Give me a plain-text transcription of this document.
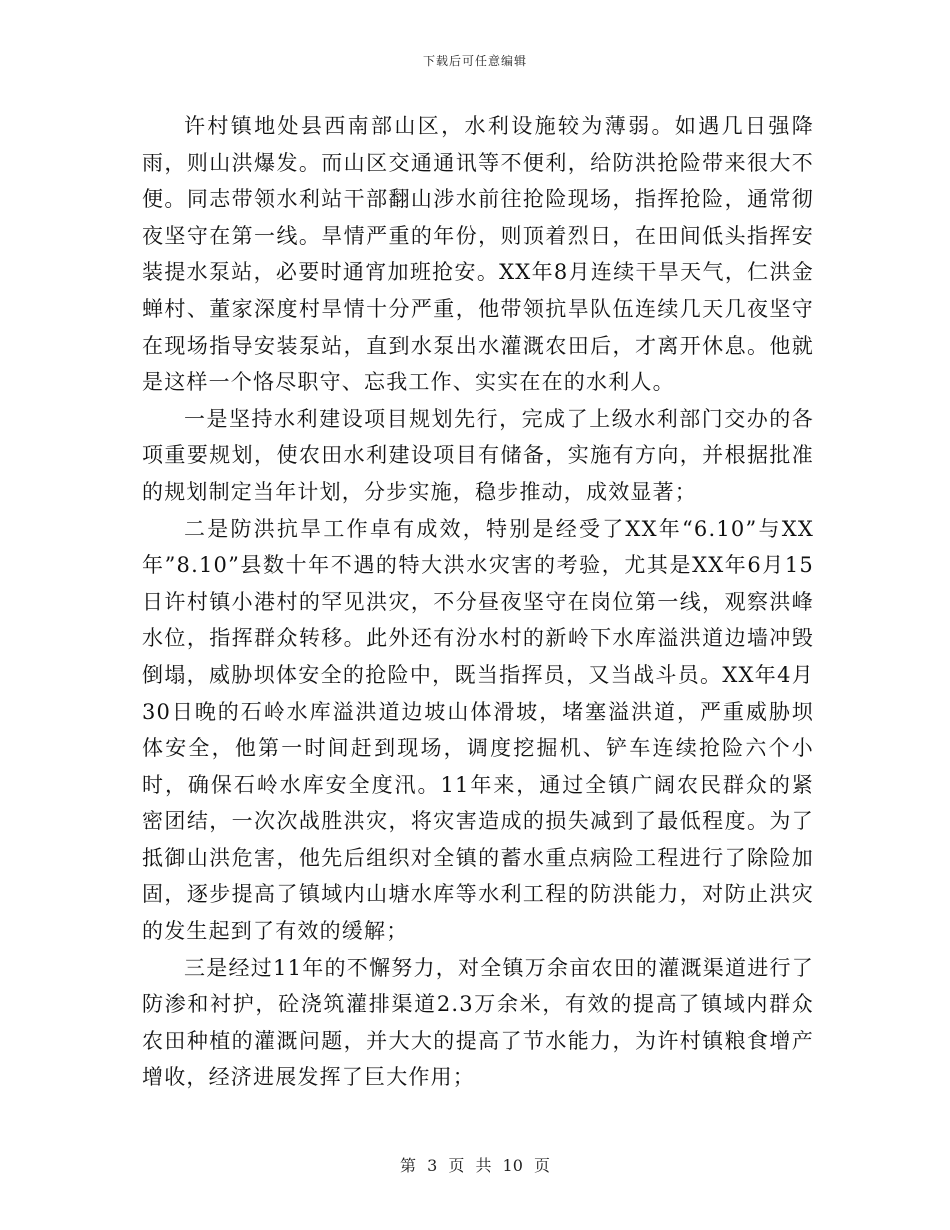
下载后可任意编辑

许村镇地处县西南部山区，水利设施较为薄弱。如遇几日强降雨，则山洪爆发。而山区交通通讯等不便利，给防洪抢险带来很大不便。同志带领水利站干部翻山涉水前往抢险现场，指挥抢险，通常彻夜坚守在第一线。旱情严重的年份，则顶着烈日，在田间低头指挥安装提水泵站，必要时通宵加班抢安。XX年8月连续干旱天气，仁洪金蝉村、董家深度村旱情十分严重，他带领抗旱队伍连续几天几夜坚守在现场指导安装泵站，直到水泵出水灌溉农田后，才离开休息。他就是这样一个恪尽职守、忘我工作、实实在在的水利人。

一是坚持水利建设项目规划先行，完成了上级水利部门交办的各项重要规划，使农田水利建设项目有储备，实施有方向，并根据批准的规划制定当年计划，分步实施，稳步推动，成效显著；

二是防洪抗旱工作卓有成效，特别是经受了XX年“6.10”与XX年”8.10”县数十年不遇的特大洪水灾害的考验，尤其是XX年6月15日许村镇小港村的罕见洪灾，不分昼夜坚守在岗位第一线，观察洪峰水位，指挥群众转移。此外还有汾水村的新岭下水库溢洪道边墙冲毁倒塌，威胁坝体安全的抢险中，既当指挥员，又当战斗员。XX年4月30日晚的石岭水库溢洪道边坡山体滑坡，堵塞溢洪道，严重威胁坝体安全，他第一时间赶到现场，调度挖掘机、铲车连续抢险六个小时，确保石岭水库安全度汛。11年来，通过全镇广阔农民群众的紧密团结，一次次战胜洪灾，将灾害造成的损失减到了最低程度。为了抵御山洪危害，他先后组织对全镇的蓄水重点病险工程进行了除险加固，逐步提高了镇域内山塘水库等水利工程的防洪能力，对防止洪灾的发生起到了有效的缓解；

三是经过11年的不懈努力，对全镇万余亩农田的灌溉渠道进行了防渗和衬护，砼浇筑灌排渠道2.3万余米，有效的提高了镇域内群众农田种植的灌溉问题，并大大的提高了节水能力，为许村镇粮食增产增收，经济进展发挥了巨大作用；

第 3 页 共 10 页
